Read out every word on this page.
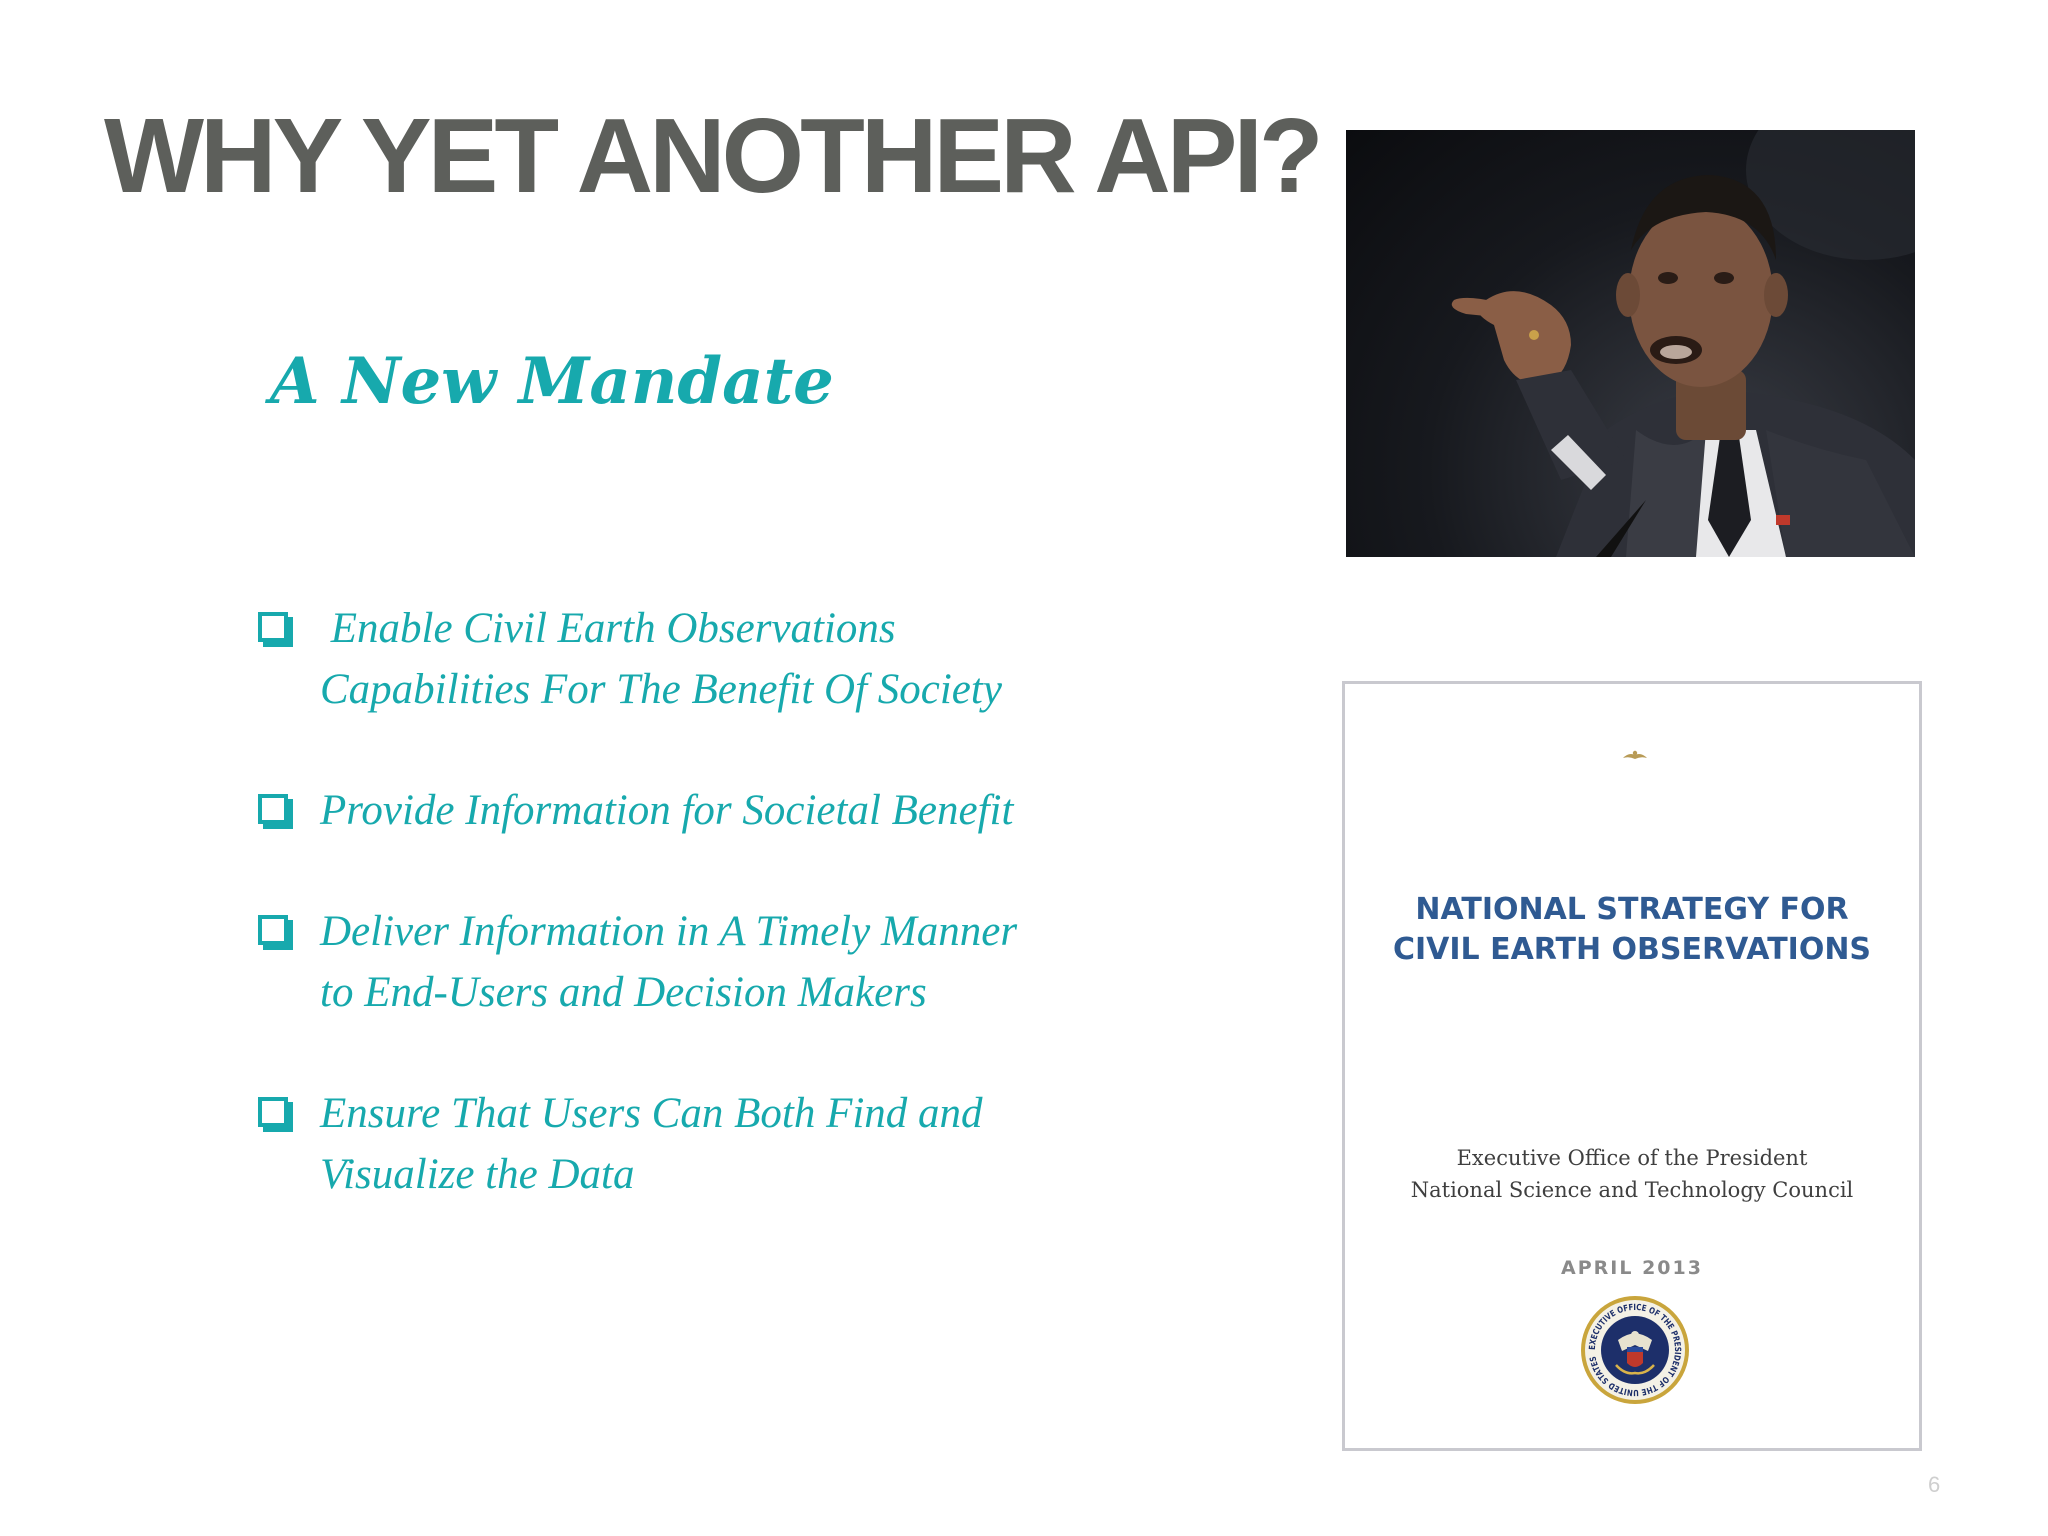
WHY YET ANOTHER API?
A New Mandate
Enable Civil Earth Observations Capabilities For The Benefit Of Society
Provide Information for Societal Benefit
Deliver Information in A Timely Manner to End-Users and Decision Makers
Ensure That Users Can Both Find and Visualize the Data
NATIONAL STRATEGY FOR CIVIL EARTH OBSERVATIONS
Executive Office of the President
National Science and Technology Council
APRIL 2013
EXECUTIVE OFFICE OF THE PRESIDENT OF THE UNITED STATES
6
